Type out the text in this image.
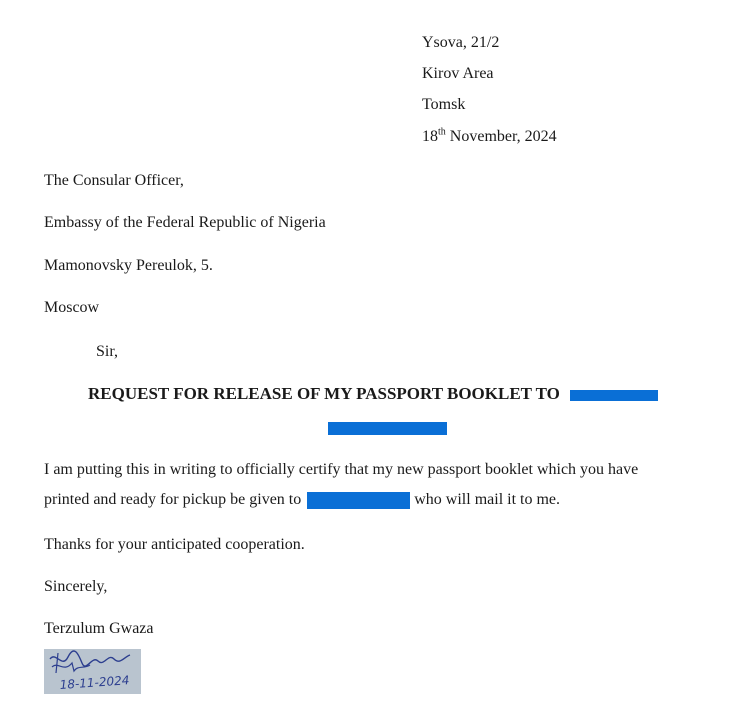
Ysova, 21/2
Kirov Area
Tomsk
18th November, 2024
The Consular Officer,
Embassy of the Federal Republic of Nigeria
Mamonovsky Pereulok, 5.
Moscow
Sir,
REQUEST FOR RELEASE OF MY PASSPORT BOOKLET TO
I am putting this in writing to officially certify that my new passport booklet which you have
printed and ready for pickup be given to	who will mail it to me.
Thanks for your anticipated cooperation.
Sincerely,
Terzulum Gwaza
18-11-2024
